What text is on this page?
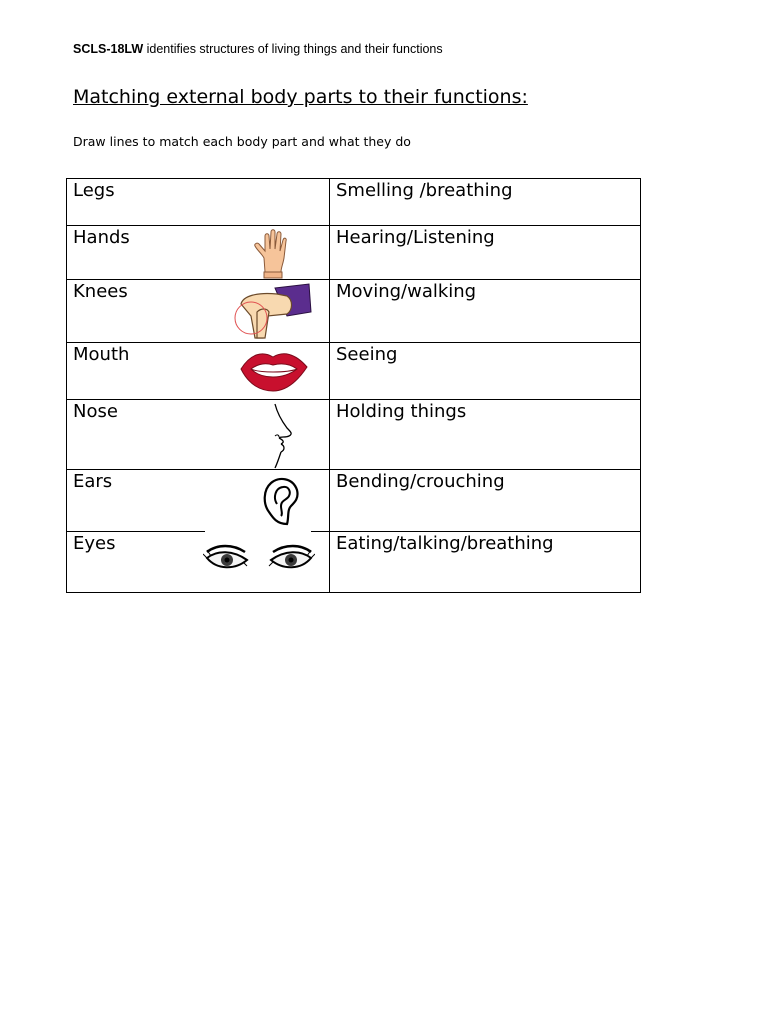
SCLS-18LW identifies structures of living things and their functions
Matching external body parts to their functions:
Draw lines to match each body part and what they do
Legs	Smelling /breathing

Hands	Hearing/Listening

Knees	Moving/walking

Mouth	Seeing

Nose	Holding things

Ears	Bending/crouching

Eyes	Eating/talking/breathing
